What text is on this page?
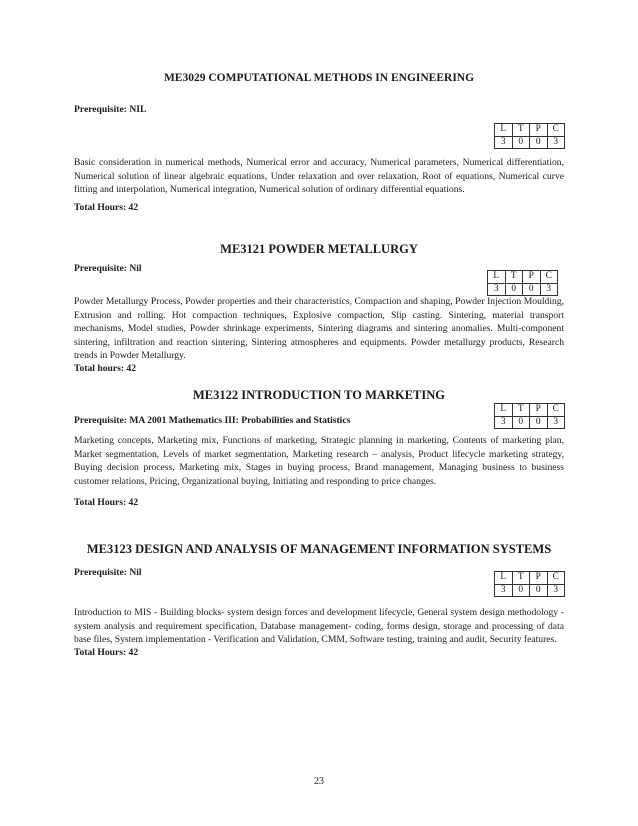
ME3029 COMPUTATIONAL METHODS IN ENGINEERING
Prerequisite: NIL
L	T	P	C
3	0	0	3

Basic consideration in numerical methods, Numerical error and accuracy, Numerical parameters, Numerical differentiation, Numerical solution of linear algebraic equations, Under relaxation and over relaxation, Root of equations, Numerical curve fitting and interpolation, Numerical integration, Numerical solution of ordinary differential equations.

Total Hours: 42
ME3121 POWDER METALLURGY
Prerequisite: Nil
L	T	P	C
3	0	0	3

Powder Metallurgy Process, Powder properties and their characteristics, Compaction and shaping, Powder Injection Moulding, Extrusion and rolling. Hot compaction techniques, Explosive compaction, Slip casting. Sintering, material transport mechanisms, Model studies, Powder shrinkage experiments, Sintering diagrams and sintering anomalies. Multi-component sintering, infiltration and reaction sintering, Sintering atmospheres and equipments. Powder metallurgy products, Research trends in Powder Metallurgy.

Total hours: 42
ME3122 INTRODUCTION TO MARKETING
Prerequisite: MA 2001 Mathematics III: Probabilities and Statistics
L	T	P	C
3	0	0	3

Marketing concepts, Marketing mix, Functions of marketing, Strategic planning in marketing, Contents of marketing plan, Market segmentation, Levels of market segmentation, Marketing research – analysis, Product lifecycle marketing strategy, Buying decision process, Marketing mix, Stages in buying process, Brand management, Managing business to business customer relations, Pricing, Organizational buying, Initiating and responding to price changes.

Total Hours: 42
ME3123 DESIGN AND ANALYSIS OF MANAGEMENT INFORMATION SYSTEMS
Prerequisite: Nil	L	T	P	C
3	0	0	3

Introduction to MIS - Building blocks- system design forces and development lifecycle, General system design methodology - system analysis and requirement specification, Database management- coding, forms design, storage and processing of data base files, System implementation - Verification and Validation, CMM, Software testing, training and audit, Security features.

Total Hours: 42
23
